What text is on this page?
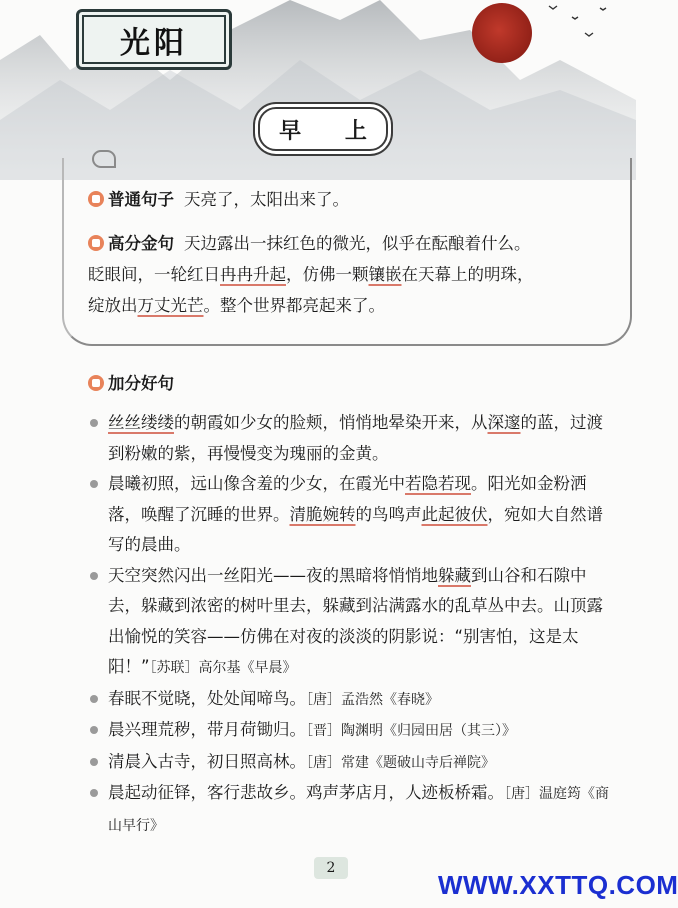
光阳
早 上
普通句子 天亮了，太阳出来了。
高分金句 天边露出一抹红色的微光，似乎在酝酿着什么。
眨眼间，一轮红日冉冉升起，仿佛一颗镶嵌在天幕上的明珠，
绽放出万丈光芒。整个世界都亮起来了。
加分好句
丝丝缕缕的朝霞如少女的脸颊，悄悄地晕染开来，从深邃的蓝，过渡到粉嫩的紫，再慢慢变为瑰丽的金黄。
晨曦初照，远山像含羞的少女，在霞光中若隐若现。阳光如金粉洒落，唤醒了沉睡的世界。清脆婉转的鸟鸣声此起彼伏，宛如大自然谱写的晨曲。
天空突然闪出一丝阳光——夜的黑暗将悄悄地躲藏到山谷和石隙中去，躲藏到浓密的树叶里去，躲藏到沾满露水的乱草丛中去。山顶露出愉悦的笑容——仿佛在对夜的淡淡的阴影说：“别害怕，这是太阳！”［苏联］高尔基《早晨》
春眠不觉晓，处处闻啼鸟。［唐］孟浩然《春晓》
晨兴理荒秽，带月荷锄归。［晋］陶渊明《归园田居（其三）》
清晨入古寺，初日照高林。［唐］常建《题破山寺后禅院》
晨起动征铎，客行悲故乡。鸡声茅店月，人迹板桥霜。［唐］温庭筠《商山早行》
2
WWW.XXTTQ.COM
